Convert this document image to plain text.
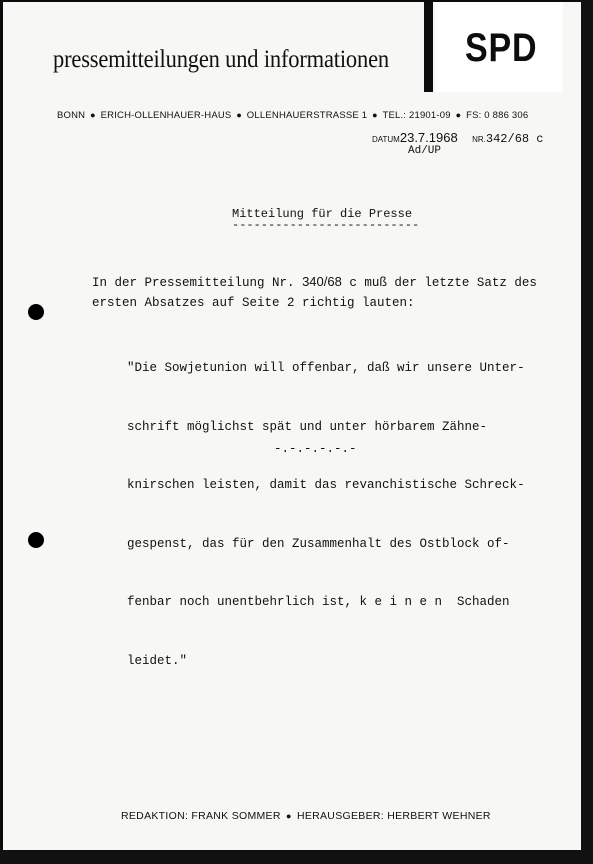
pressemitteilungen und informationen SPD
BONN ● ERICH-OLLENHAUER-HAUS ● OLLENHAUERSTRASSE 1 ● TEL.: 21901-09 ● FS: 0 886 306
DATUM23.7.1968 NR.342/68 c
Ad/UP
Mitteilung für die Presse
--------------------------
In der Pressemitteilung Nr. 340/68 c muß der letzte Satz des
ersten Absatzes auf Seite 2 richtig lauten:

"Die Sowjetunion will offenbar, daß wir unsere Unter-

schrift möglichst spät und unter hörbarem Zähne-

knirschen leisten, damit das revanchistische Schreck-

gespenst, das für den Zusammenhalt des Ostblock of-

fenbar noch unentbehrlich ist, k e i n e n  Schaden

leidet."

-.-.-.-.-.-
REDAKTION: FRANK SOMMER ● HERAUSGEBER: HERBERT WEHNER
